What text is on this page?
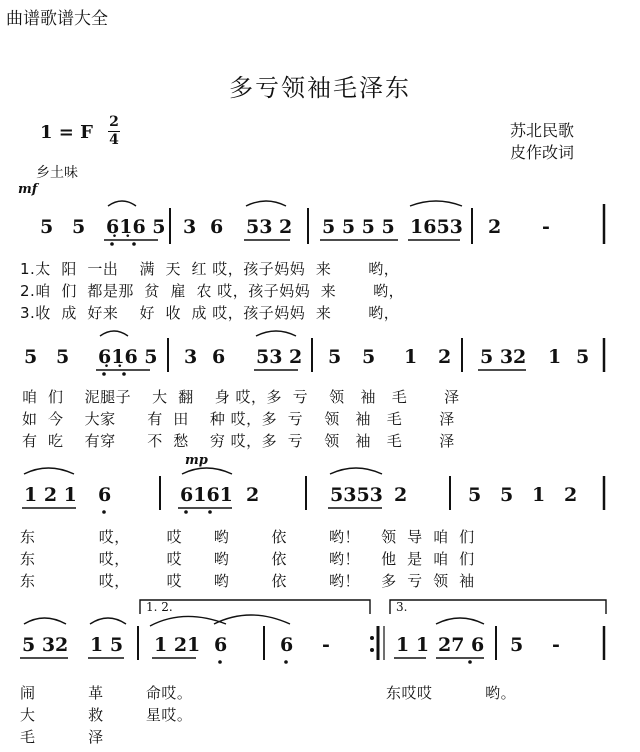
曲谱歌谱大全
多亏领袖毛泽东
1 = F 2
4	苏北民歌
皮作改词
乡土味
mf
mp
5 5 6̣1̣6 5 3 6 53 2 5 5 5 5 1653 2 -
1.太  阳  一出    满  天  红 哎，孩子妈妈  来       哟，
2.咱  们  都是那  贫  雇  农 哎，孩子妈妈  来       哟，
3.收  成  好来    好  收  成 哎，孩子妈妈  来       哟，
5 5 6̣1̣6 5 3 6 53 2 5 5 1 2 5 32 1 5
咱  们    泥腿子    大  翻    身 哎，多  亏    领   袖   毛       泽
如  今    大家      有  田    种 哎，多  亏    领   袖   毛       泽
有  吃    有穿      不  愁    穷 哎，多  亏    领   袖   毛       泽
1 2 1 6	6161 2	5353 2	5 5 1 2
东            哎，       哎      哟        依        哟！    领  导  咱  们
东            哎，       哎      哟        依        哟！    他  是  咱  们
东            哎，       哎      哟        依        哟！    多  亏  领  袖
1. 2.	3.
5 32 1 5 1 21 6	6 -	1 1 27 6 5 -
闹          革        命哎。
大          救        星哎。
毛          泽
东哎哎          哟。
